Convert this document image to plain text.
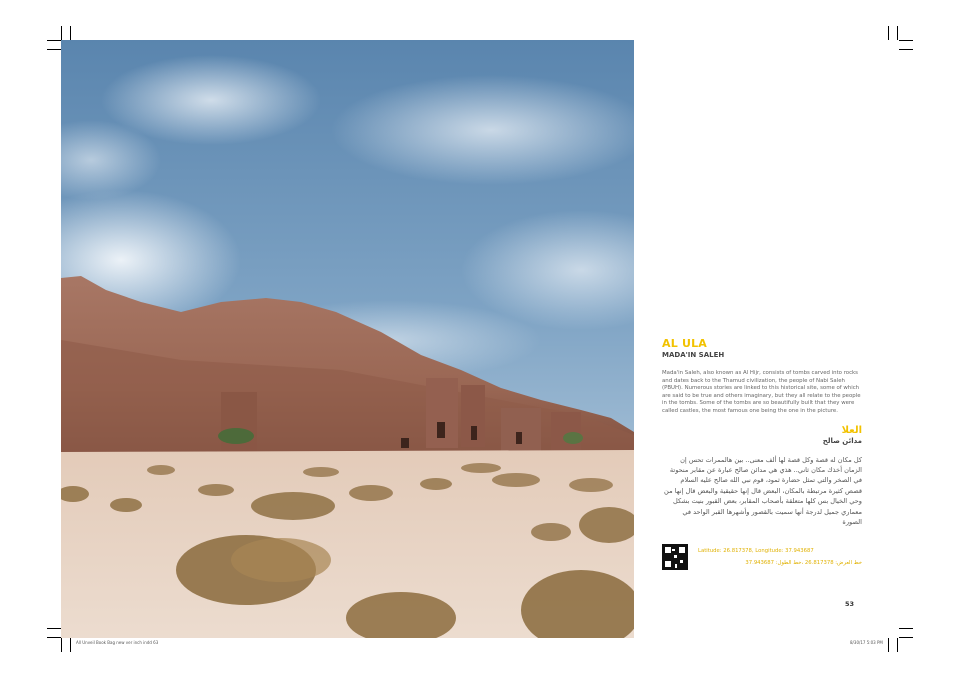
AL ULA
MADA'IN SALEH
Mada'in Saleh, also known as Al Hijr, consists of tombs carved into rocks and dates back to the Thamud civilization, the people of Nabi Saleh (PBUH). Numerous stories are linked to this historical site, some of which are said to be true and others imaginary, but they all relate to the people in the tombs. Some of the tombs are so beautifully built that they were called castles, the most famous one being the one in the picture.
العلا
مدائن صالح
كل مكان له قصة وكل قصة لها ألف معنى.. بين هالممرات تحس إن الزمان أخذك مكان ثاني.. هذي هي مدائن صالح عبارة عن مقابر منحوتة في الصخر والتي تمثل حضارة ثمود، قوم نبي الله صالح عليه السلام قصص كثيرة مرتبطة بالمكان، البعض قال إنها حقيقية والبعض قال إنها من وحي الخيال بس كلها متعلقة بأصحاب المقابر، بعض القبور بنيت بشكل معماري جميل لدرجة أنها سميت بالقصور وأشهرها القبر الواحد في الصورة
Latitude: 26.817378, Longitude: 37.943687
خط العرض: 26.817378 ،خط الطول: 37.943687
53
All Unveil Book Bag new ver inch indd 63	8/30/17 5:03 PM
